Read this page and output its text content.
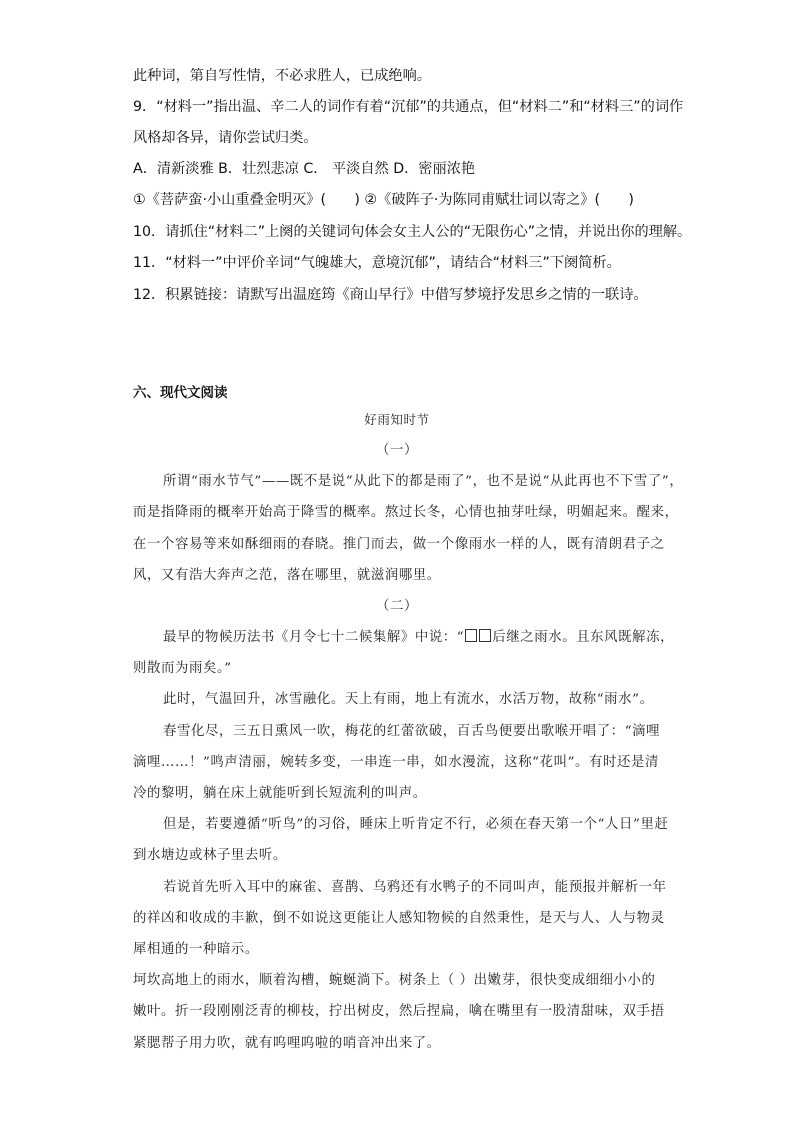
此种词，第自写性情，不必求胜人，已成绝响。
9．“材料一”指出温、辛二人的词作有着“沉郁”的共通点，但“材料二”和“材料三”的词作
风格却各异，请你尝试归类。
A．清新淡雅 B．壮烈悲凉 C． 平淡自然 D．密丽浓艳
①《菩萨蛮·小山重叠金明灭》(　　) ②《破阵子·为陈同甫赋壮词以寄之》(　　)
10．请抓住“材料二”上阕的关键词句体会女主人公的“无限伤心”之情，并说出你的理解。
11．“材料一”中评价辛词“气魄雄大，意境沉郁”，请结合“材料三”下阕简析。
12．积累链接：请默写出温庭筠《商山早行》中借写梦境抒发思乡之情的一联诗。
六、现代文阅读
好雨知时节
（一）
所谓“雨水节气”——既不是说“从此下的都是雨了”，也不是说“从此再也不下雪了”，
而是指降雨的概率开始高于降雪的概率。熬过长冬，心情也抽芽吐绿，明媚起来。醒来，
在一个容易等来如酥细雨的春晓。推门而去，做一个像雨水一样的人，既有清朗君子之
风，又有浩大奔声之范，落在哪里，就滋润哪里。
（二）
最早的物候历法书《月令七十二候集解》中说：“ 后继之雨水。且东风既解冻，
则散而为雨矣。”
此时，气温回升，冰雪融化。天上有雨，地上有流水，水活万物，故称“雨水”。
春雪化尽，三五日熏风一吹，梅花的红蕾欲破，百舌鸟便要出歌喉开唱了：“滴哩
滴哩……！”鸣声清丽，婉转多变，一串连一串，如水漫流，这称“花叫”。有时还是清
冷的黎明，躺在床上就能听到长短流利的叫声。
但是，若要遵循“听鸟”的习俗，睡床上听肯定不行，必须在春天第一个“人日”里赶
到水塘边或林子里去听。
若说首先听入耳中的麻雀、喜鹊、乌鸦还有水鸭子的不同叫声，能预报并解析一年
的祥凶和收成的丰歉，倒不如说这更能让人感知物候的自然秉性，是天与人、人与物灵
犀相通的一种暗示。
坷坎高地上的雨水，顺着沟槽，蜿蜒淌下。树条上（ ）出嫩芽，很快变成细细小小的
嫩叶。折一段刚刚泛青的柳枝，拧出树皮，然后捏扁，噙在嘴里有一股清甜味，双手捂
紧腮帮子用力吹，就有呜哩呜啦的哨音冲出来了。
